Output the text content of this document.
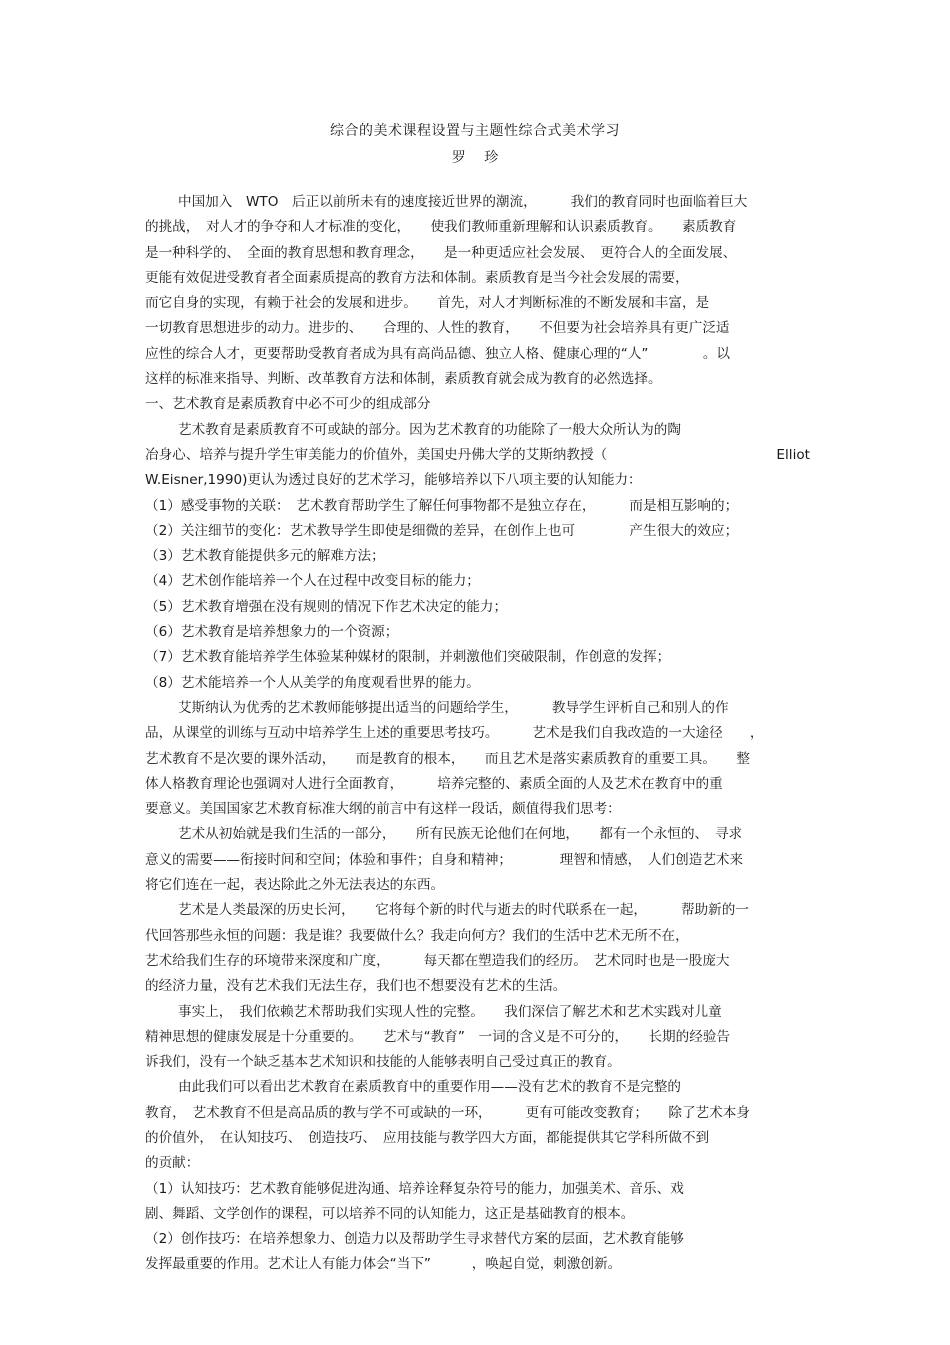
综合的美术课程设置与主题性综合式美术学习
罗 珍
中国加入　WTO　后正以前所未有的速度接近世界的潮流，　　　我们的教育同时也面临着巨大
的挑战，　对人才的争夺和人才标准的变化，　　使我们教师重新理解和认识素质教育。　　素质教育
是一种科学的、　全面的教育思想和教育理念，　　是一种更适应社会发展、　更符合人的全面发展、
更能有效促进受教育者全面素质提高的教育方法和体制。素质教育是当今社会发展的需要，
而它自身的实现，有赖于社会的发展和进步。　　首先，对人才判断标准的不断发展和丰富，是
一切教育思想进步的动力。进步的、　　合理的、人性的教育，　　不但要为社会培养具有更广泛适
应性的综合人才，更要帮助受教育者成为具有高尚品德、独立人格、健康心理的“人”　　　　。以
这样的标准来指导、判断、改革教育方法和体制，素质教育就会成为教育的必然选择。
一、艺术教育是素质教育中必不可少的组成部分
艺术教育是素质教育不可或缺的部分。因为艺术教育的功能除了一般大众所认为的陶
冶身心、培养与提升学生审美能力的价值外，美国史丹佛大学的艾斯纳教授（	Elliot
W.Eisner,1990)更认为透过良好的艺术学习，能够培养以下八项主要的认知能力：
（1）感受事物的关联：　艺术教育帮助学生了解任何事物都不是独立存在，　　　而是相互影响的；
（2）关注细节的变化：艺术教导学生即使是细微的差异，在创作上也可　　　　产生很大的效应；
（3）艺术教育能提供多元的解难方法；
（4）艺术创作能培养一个人在过程中改变目标的能力；
（5）艺术教育增强在没有规则的情况下作艺术决定的能力；
（6）艺术教育是培养想象力的一个资源；
（7）艺术教育能培养学生体验某种媒材的限制，并刺激他们突破限制，作创意的发挥；
（8）艺术能培养一个人从美学的角度观看世界的能力。
艾斯纳认为优秀的艺术教师能够提出适当的问题给学生，　　　教导学生评析自己和别人的作
品，从课堂的训练与互动中培养学生上述的重要思考技巧。　　　艺术是我们自我改造的一大途径　　，
艺术教育不是次要的课外活动，　　而是教育的根本，　　而且艺术是落实素质教育的重要工具。　　整
体人格教育理论也强调对人进行全面教育，　　　培养完整的、素质全面的人及艺术在教育中的重
要意义。美国国家艺术教育标准大纲的前言中有这样一段话，颇值得我们思考：
艺术从初始就是我们生活的一部分，　　所有民族无论他们在何地，　　都有一个永恒的、　寻求
意义的需要——衔接时间和空间；体验和事件；自身和精神；　　　　理智和情感，　人们创造艺术来
将它们连在一起，表达除此之外无法表达的东西。
艺术是人类最深的历史长河，　　它将每个新的时代与逝去的时代联系在一起，　　　帮助新的一
代回答那些永恒的问题：我是谁？我要做什么？我走向何方？我们的生活中艺术无所不在，
艺术给我们生存的环境带来深度和广度，　　　每天都在塑造我们的经历。　艺术同时也是一股庞大
的经济力量，没有艺术我们无法生存，我们也不想要没有艺术的生活。
事实上，　我们依赖艺术帮助我们实现人性的完整。　　我们深信了解艺术和艺术实践对儿童
精神思想的健康发展是十分重要的。　　艺术与“教育”　一词的含义是不可分的，　　长期的经验告
诉我们，没有一个缺乏基本艺术知识和技能的人能够表明自己受过真正的教育。
由此我们可以看出艺术教育在素质教育中的重要作用——没有艺术的教育不是完整的
教育，　艺术教育不但是高品质的教与学不可或缺的一环，　　　更有可能改变教育；　　除了艺术本身
的价值外，　在认知技巧、　创造技巧、　应用技能与教学四大方面，都能提供其它学科所做不到
的贡献：
（1）认知技巧：艺术教育能够促进沟通、培养诠释复杂符号的能力，加强美术、音乐、戏
剧、舞蹈、文学创作的课程，可以培养不同的认知能力，这正是基础教育的根本。
（2）创作技巧：在培养想象力、创造力以及帮助学生寻求替代方案的层面，艺术教育能够
发挥最重要的作用。艺术让人有能力体会“当下”　　　，唤起自觉，刺激创新。
